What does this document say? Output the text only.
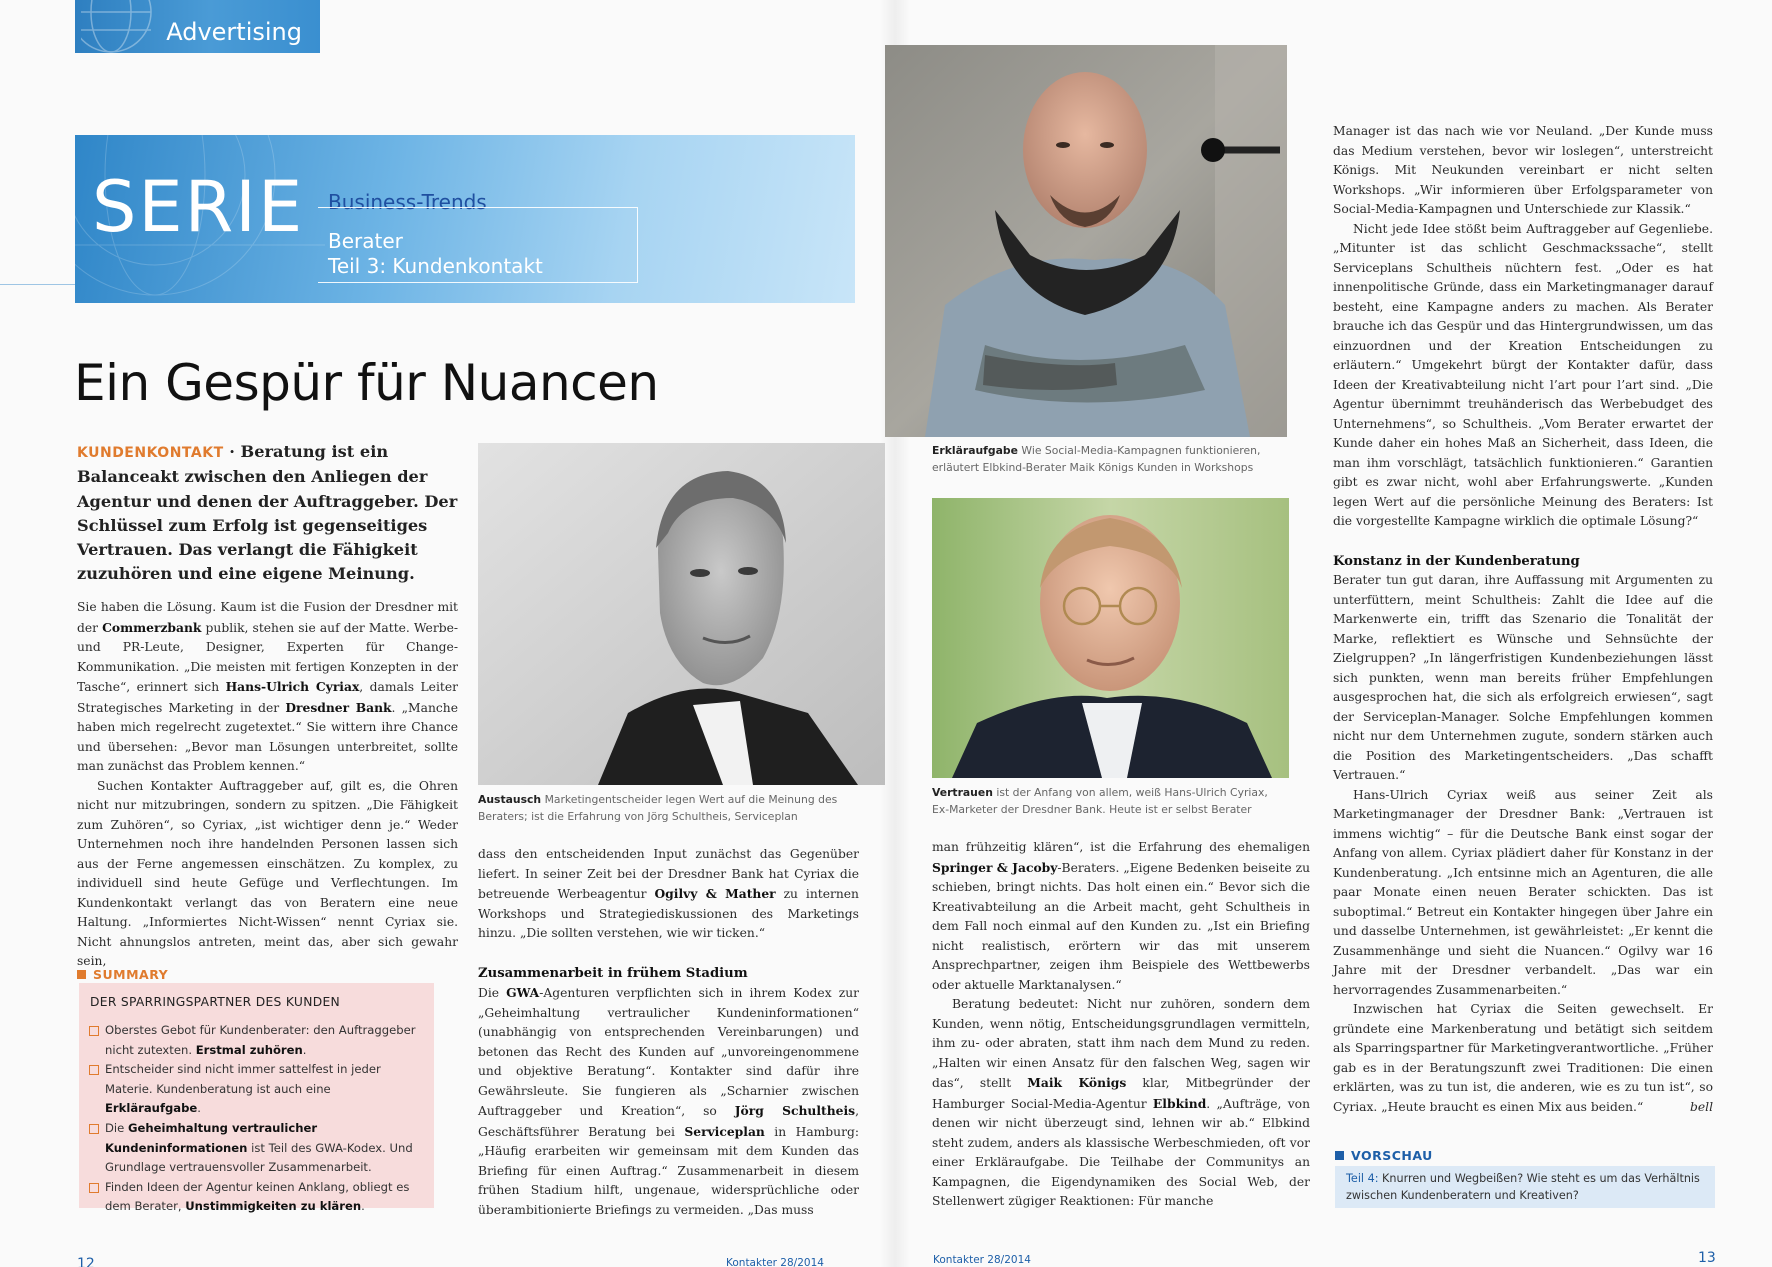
Advertising
SERIE Business-Trends
Berater
Teil 3: Kundenkontakt
Ein Gespür für Nuancen
KUNDENKONTAKT · Beratung ist ein Balanceakt zwischen den Anliegen der Agentur und denen der Auftraggeber. Der Schlüssel zum Erfolg ist gegenseitiges Vertrauen. Das verlangt die Fähigkeit zuzuhören und eine eigene Meinung.

Sie haben die Lösung. Kaum ist die Fusion der Dresdner mit der Commerzbank publik, stehen sie auf der Matte. Werbe- und PR-Leute, Designer, Experten für Change-Kommunikation. „Die meisten mit fertigen Konzepten in der Tasche“, erinnert sich Hans-Ulrich Cyriax, damals Leiter Strategisches Marketing in der Dresdner Bank. „Manche haben mich regelrecht zugetextet.“ Sie wittern ihre Chance und übersehen: „Bevor man Lösungen unterbreitet, sollte man zunächst das Problem kennen.“

Suchen Kontakter Auftraggeber auf, gilt es, die Ohren nicht nur mitzubringen, sondern zu spitzen. „Die Fähigkeit zum Zuhören“, so Cyriax, „ist wichtiger denn je.“ Weder Unternehmen noch ihre handelnden Personen lassen sich aus der Ferne angemessen einschätzen. Zu komplex, zu individuell sind heute Gefüge und Verflechtungen. Im Kundenkontakt verlangt das von Beratern eine neue Haltung. „Informiertes Nicht-Wissen“ nennt Cyriax sie. Nicht ahnungslos antreten, meint das, aber sich gewahr sein,

SUMMARY
DER SPARRINGSPARTNER DES KUNDEN
Oberstes Gebot für Kundenberater: den Auftraggeber nicht zutexten. Erstmal zuhören.
Entscheider sind nicht immer sattelfest in jeder Materie. Kundenberatung ist auch eine Erkläraufgabe.
Die Geheimhaltung vertraulicher Kundeninformationen ist Teil des GWA-Kodex. Und Grundlage vertrauensvoller Zusammenarbeit.
Finden Ideen der Agentur keinen Anklang, obliegt es dem Berater, Unstimmigkeiten zu klären.
Austausch Marketingentscheider legen Wert auf die Meinung des Beraters; ist die Erfahrung von Jörg Schultheis, Serviceplan

dass den entscheidenden Input zunächst das Gegenüber liefert. In seiner Zeit bei der Dresdner Bank hat Cyriax die betreuende Werbeagentur Ogilvy & Mather zu internen Workshops und Strategiediskussionen des Marketings hinzu. „Die sollten verstehen, wie wir ticken.“

Zusammenarbeit in frühem Stadium

Die GWA-Agenturen verpflichten sich in ihrem Kodex zur „Geheimhaltung vertraulicher Kundeninformationen“ (unabhängig von entsprechenden Vereinbarungen) und betonen das Recht des Kunden auf „unvoreingenommene und objektive Beratung“. Kontakter sind dafür ihre Gewährsleute. Sie fungieren als „Scharnier zwischen Auftraggeber und Kreation“, so Jörg Schultheis, Geschäftsführer Beratung bei Serviceplan in Hamburg: „Häufig erarbeiten wir gemeinsam mit dem Kunden das Briefing für einen Auftrag.“ Zusammenarbeit in diesem frühen Stadium hilft, ungenaue, widersprüchliche oder überambitionierte Briefings zu vermeiden. „Das muss

Erkläraufgabe Wie Social-Media-Kampagnen funktionieren, erläutert Elbkind-Berater Maik Königs Kunden in Workshops
Vertrauen ist der Anfang von allem, weiß Hans-Ulrich Cyriax, Ex-Marketer der Dresdner Bank. Heute ist er selbst Berater

man frühzeitig klären“, ist die Erfahrung des ehemaligen Springer & Jacoby-Beraters. „Eigene Bedenken beiseite zu schieben, bringt nichts. Das holt einen ein.“ Bevor sich die Kreativabteilung an die Arbeit macht, geht Schultheis in dem Fall noch einmal auf den Kunden zu. „Ist ein Briefing nicht realistisch, erörtern wir das mit unserem Ansprechpartner, zeigen ihm Beispiele des Wettbewerbs oder aktuelle Marktanalysen.“

Beratung bedeutet: Nicht nur zuhören, sondern dem Kunden, wenn nötig, Entscheidungsgrundlagen vermitteln, ihm zu- oder abraten, statt ihm nach dem Mund zu reden. „Halten wir einen Ansatz für den falschen Weg, sagen wir das“, stellt Maik Königs klar, Mitbegründer der Hamburger Social-Media-Agentur Elbkind. „Aufträge, von denen wir nicht überzeugt sind, lehnen wir ab.“ Elbkind steht zudem, anders als klassische Werbeschmieden, oft vor einer Erkläraufgabe. Die Teilhabe der Communitys an Kampagnen, die Eigendynamiken des Social Web, der Stellenwert zügiger Reaktionen: Für manche

Manager ist das nach wie vor Neuland. „Der Kunde muss das Medium verstehen, bevor wir loslegen“, unterstreicht Königs. Mit Neukunden vereinbart er nicht selten Workshops. „Wir informieren über Erfolgsparameter von Social-Media-Kampagnen und Unterschiede zur Klassik.“

Nicht jede Idee stößt beim Auftraggeber auf Gegenliebe. „Mitunter ist das schlicht Geschmackssache“, stellt Serviceplans Schultheis nüchtern fest. „Oder es hat innenpolitische Gründe, dass ein Marketingmanager darauf besteht, eine Kampagne anders zu machen. Als Berater brauche ich das Gespür und das Hintergrundwissen, um das einzuordnen und der Kreation Entscheidungen zu erläutern.“ Umgekehrt bürgt der Kontakter dafür, dass Ideen der Kreativabteilung nicht l’art pour l’art sind. „Die Agentur übernimmt treuhänderisch das Werbebudget des Unternehmens“, so Schultheis. „Vom Berater erwartet der Kunde daher ein hohes Maß an Sicherheit, dass Ideen, die man ihm vorschlägt, tatsächlich funktionieren.“ Garantien gibt es zwar nicht, wohl aber Erfahrungswerte. „Kunden legen Wert auf die persönliche Meinung des Beraters: Ist die vorgestellte Kampagne wirklich die optimale Lösung?“

Konstanz in der Kundenberatung

Berater tun gut daran, ihre Auffassung mit Argumenten zu unterfüttern, meint Schultheis: Zahlt die Idee auf die Markenwerte ein, trifft das Szenario die Tonalität der Marke, reflektiert es Wünsche und Sehnsüchte der Zielgruppen? „In längerfristigen Kundenbeziehungen lässt sich punkten, wenn man bereits früher Empfehlungen ausgesprochen hat, die sich als erfolgreich erwiesen“, sagt der Serviceplan-Manager. Solche Empfehlungen kommen nicht nur dem Unternehmen zugute, sondern stärken auch die Position des Marketingentscheiders. „Das schafft Vertrauen.“

Hans-Ulrich Cyriax weiß aus seiner Zeit als Marketingmanager der Dresdner Bank: „Vertrauen ist immens wichtig“ – für die Deutsche Bank einst sogar der Anfang von allem. Cyriax plädiert daher für Konstanz in der Kundenberatung. „Ich entsinne mich an Agenturen, die alle paar Monate einen neuen Berater schickten. Das ist suboptimal.“ Betreut ein Kontakter hingegen über Jahre ein und dasselbe Unternehmen, ist gewährleistet: „Er kennt die Zusammenhänge und sieht die Nuancen.“ Ogilvy war 16 Jahre mit der Dresdner verbandelt. „Das war ein hervorragendes Zusammenarbeiten.“

Inzwischen hat Cyriax die Seiten gewechselt. Er gründete eine Markenberatung und betätigt sich seitdem als Sparringspartner für Marketingverantwortliche. „Früher gab es in der Beratungszunft zwei Traditionen: Die einen erklärten, was zu tun ist, die anderen, wie es zu tun ist“, so Cyriax. „Heute braucht es einen Mix aus beiden.“	bell

VORSCHAU
Teil 4: Knurren und Wegbeißen? Wie steht es um das Verhältnis zwischen Kundenberatern und Kreativen?
12	Kontakter 28/2014	Kontakter 28/2014	13
